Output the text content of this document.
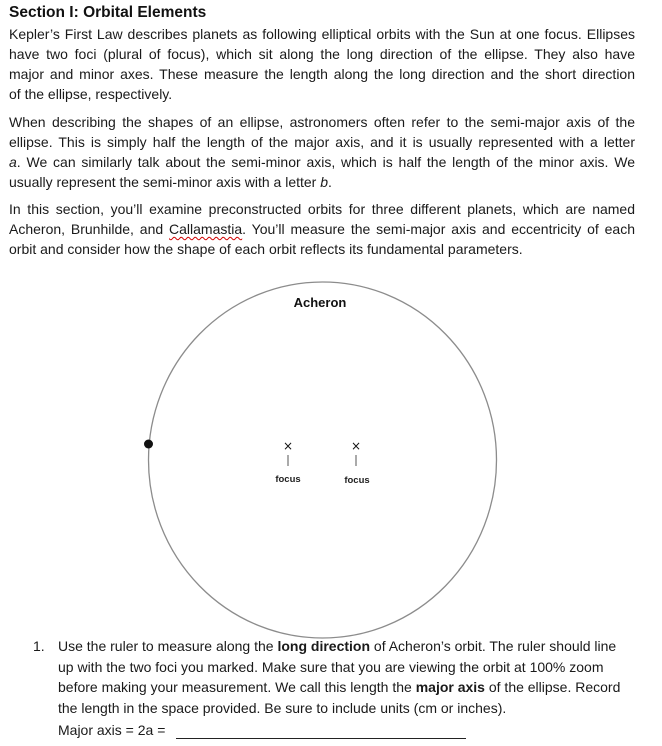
Section I: Orbital Elements
Kepler’s First Law describes planets as following elliptical orbits with the Sun at one focus. Ellipses
have two foci (plural of focus), which sit along the long direction of the ellipse. They also have
major and minor axes. These measure the length along the long direction and the short direction
of the ellipse, respectively.
When describing the shapes of an ellipse, astronomers often refer to the semi-major axis of the
ellipse. This is simply half the length of the major axis, and it is usually represented with a letter
a. We can similarly talk about the semi-minor axis, which is half the length of the minor axis. We
usually represent the semi-minor axis with a letter b.
In this section, you’ll examine preconstructed orbits for three different planets, which are named
Acheron, Brunhilde, and Callamastia. You’ll measure the semi-major axis and eccentricity of each
orbit and consider how the shape of each orbit reflects its fundamental parameters.
Acheron
×
focus
×
focus
1. Use the ruler to measure along the long direction of Acheron’s orbit. The ruler should line
up with the two foci you marked. Make sure that you are viewing the orbit at 100% zoom
before making your measurement. We call this length the major axis of the ellipse. Record
the length in the space provided. Be sure to include units (cm or inches).
Major axis = 2a =
